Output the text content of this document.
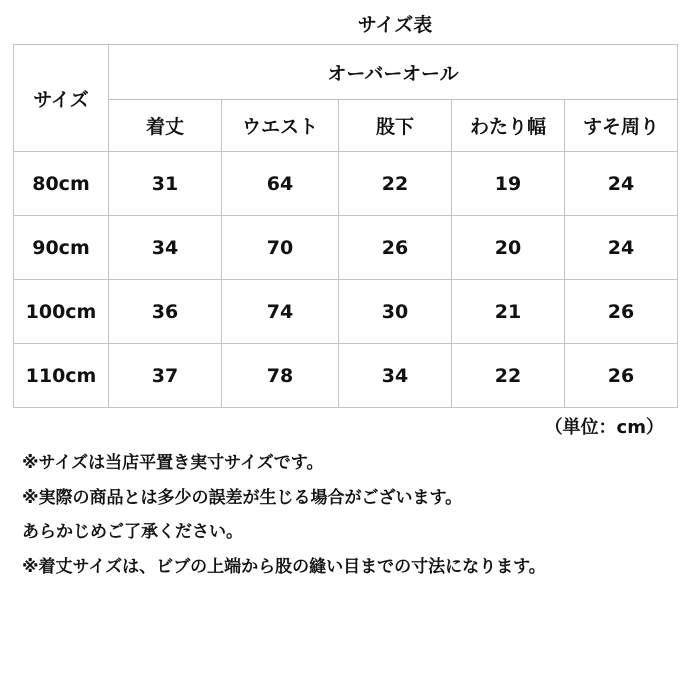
サイズ表
サイズ	オーバーオール				
	着丈	ウエスト	股下	わたり幅	すそ周り
80cm	31	64	22	19	24
90cm	34	70	26	20	24
100cm	36	74	30	21	26
110cm	37	78	34	22	26
（単位：cm）
※サイズは当店平置き実寸サイズです。
※実際の商品とは多少の誤差が生じる場合がございます。
あらかじめご了承ください。
※着丈サイズは、ビブの上端から股の縫い目までの寸法になります。
